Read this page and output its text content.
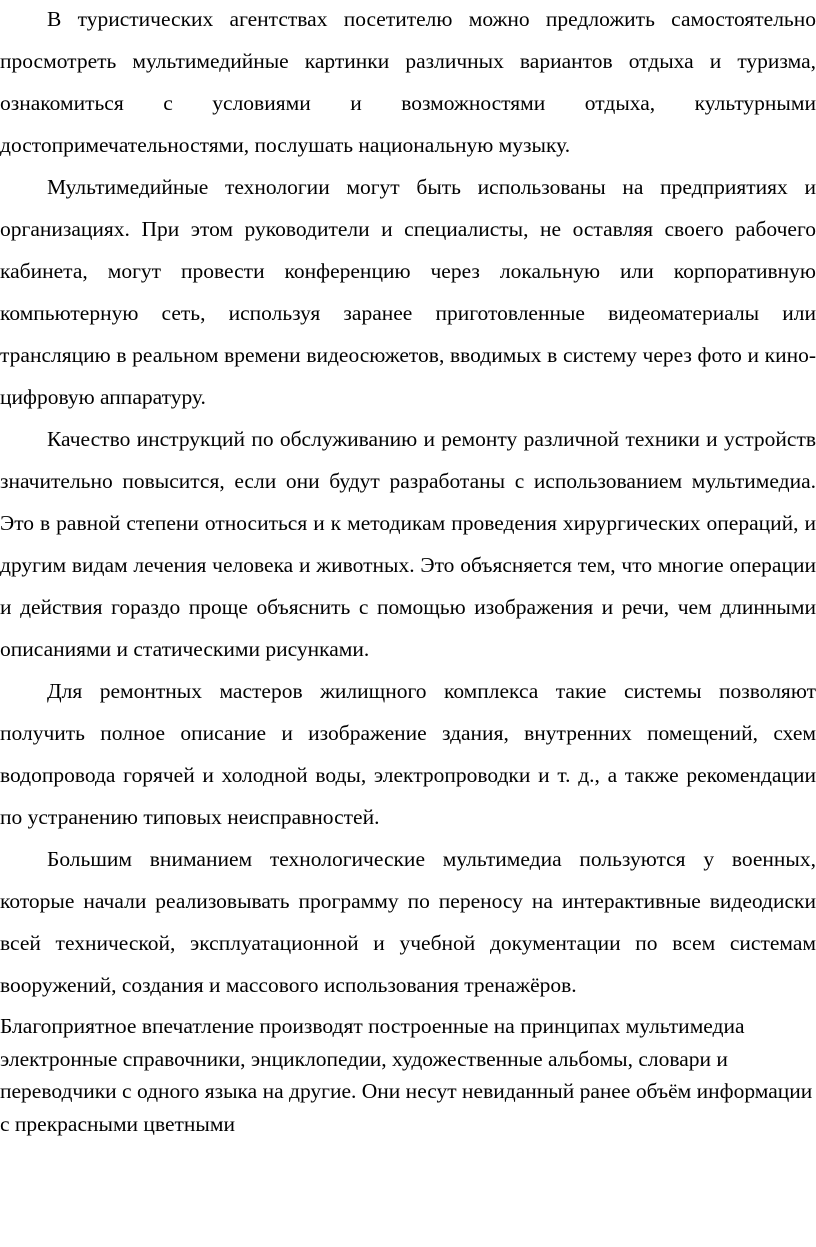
В туристических агентствах посетителю можно предложить самостоятельно просмотреть мультимедийные картинки различных вариантов отдыха и туризма, ознакомиться с условиями и возможностями отдыха, культурными достопримечательностями, послушать национальную музыку.

Мультимедийные технологии могут быть использованы на предприятиях и организациях. При этом руководители и специалисты, не оставляя своего рабочего кабинета, могут провести конференцию через локальную или корпоративную компьютерную сеть, используя заранее приготовленные видеоматериалы или трансляцию в реальном времени видеосюжетов, вводимых в систему через фото и кино-цифровую аппаратуру.

Качество инструкций по обслуживанию и ремонту различной техники и устройств значительно повысится, если они будут разработаны с использованием мультимедиа. Это в равной степени относиться и к методикам проведения хирургических операций, и другим видам лечения человека и животных. Это объясняется тем, что многие операции и действия гораздо проще объяснить с помощью изображения и речи, чем длинными описаниями и статическими рисунками.

Для ремонтных мастеров жилищного комплекса такие системы позволяют получить полное описание и изображение здания, внутренних помещений, схем водопровода горячей и холодной воды, электропроводки и т. д., а также рекомендации по устранению типовых неисправностей.

Большим вниманием технологические мультимедиа пользуются у военных, которые начали реализовывать программу по переносу на интерактивные видеодиски всей технической, эксплуатационной и учебной документации по всем системам вооружений, создания и массового использования тренажёров.

Благоприятное впечатление производят построенные на принципах мультимедиа электронные справочники, энциклопедии, художественные альбомы, словари и переводчики с одного языка на другие. Они несут невиданный ранее объём информации с прекрасными цветными
